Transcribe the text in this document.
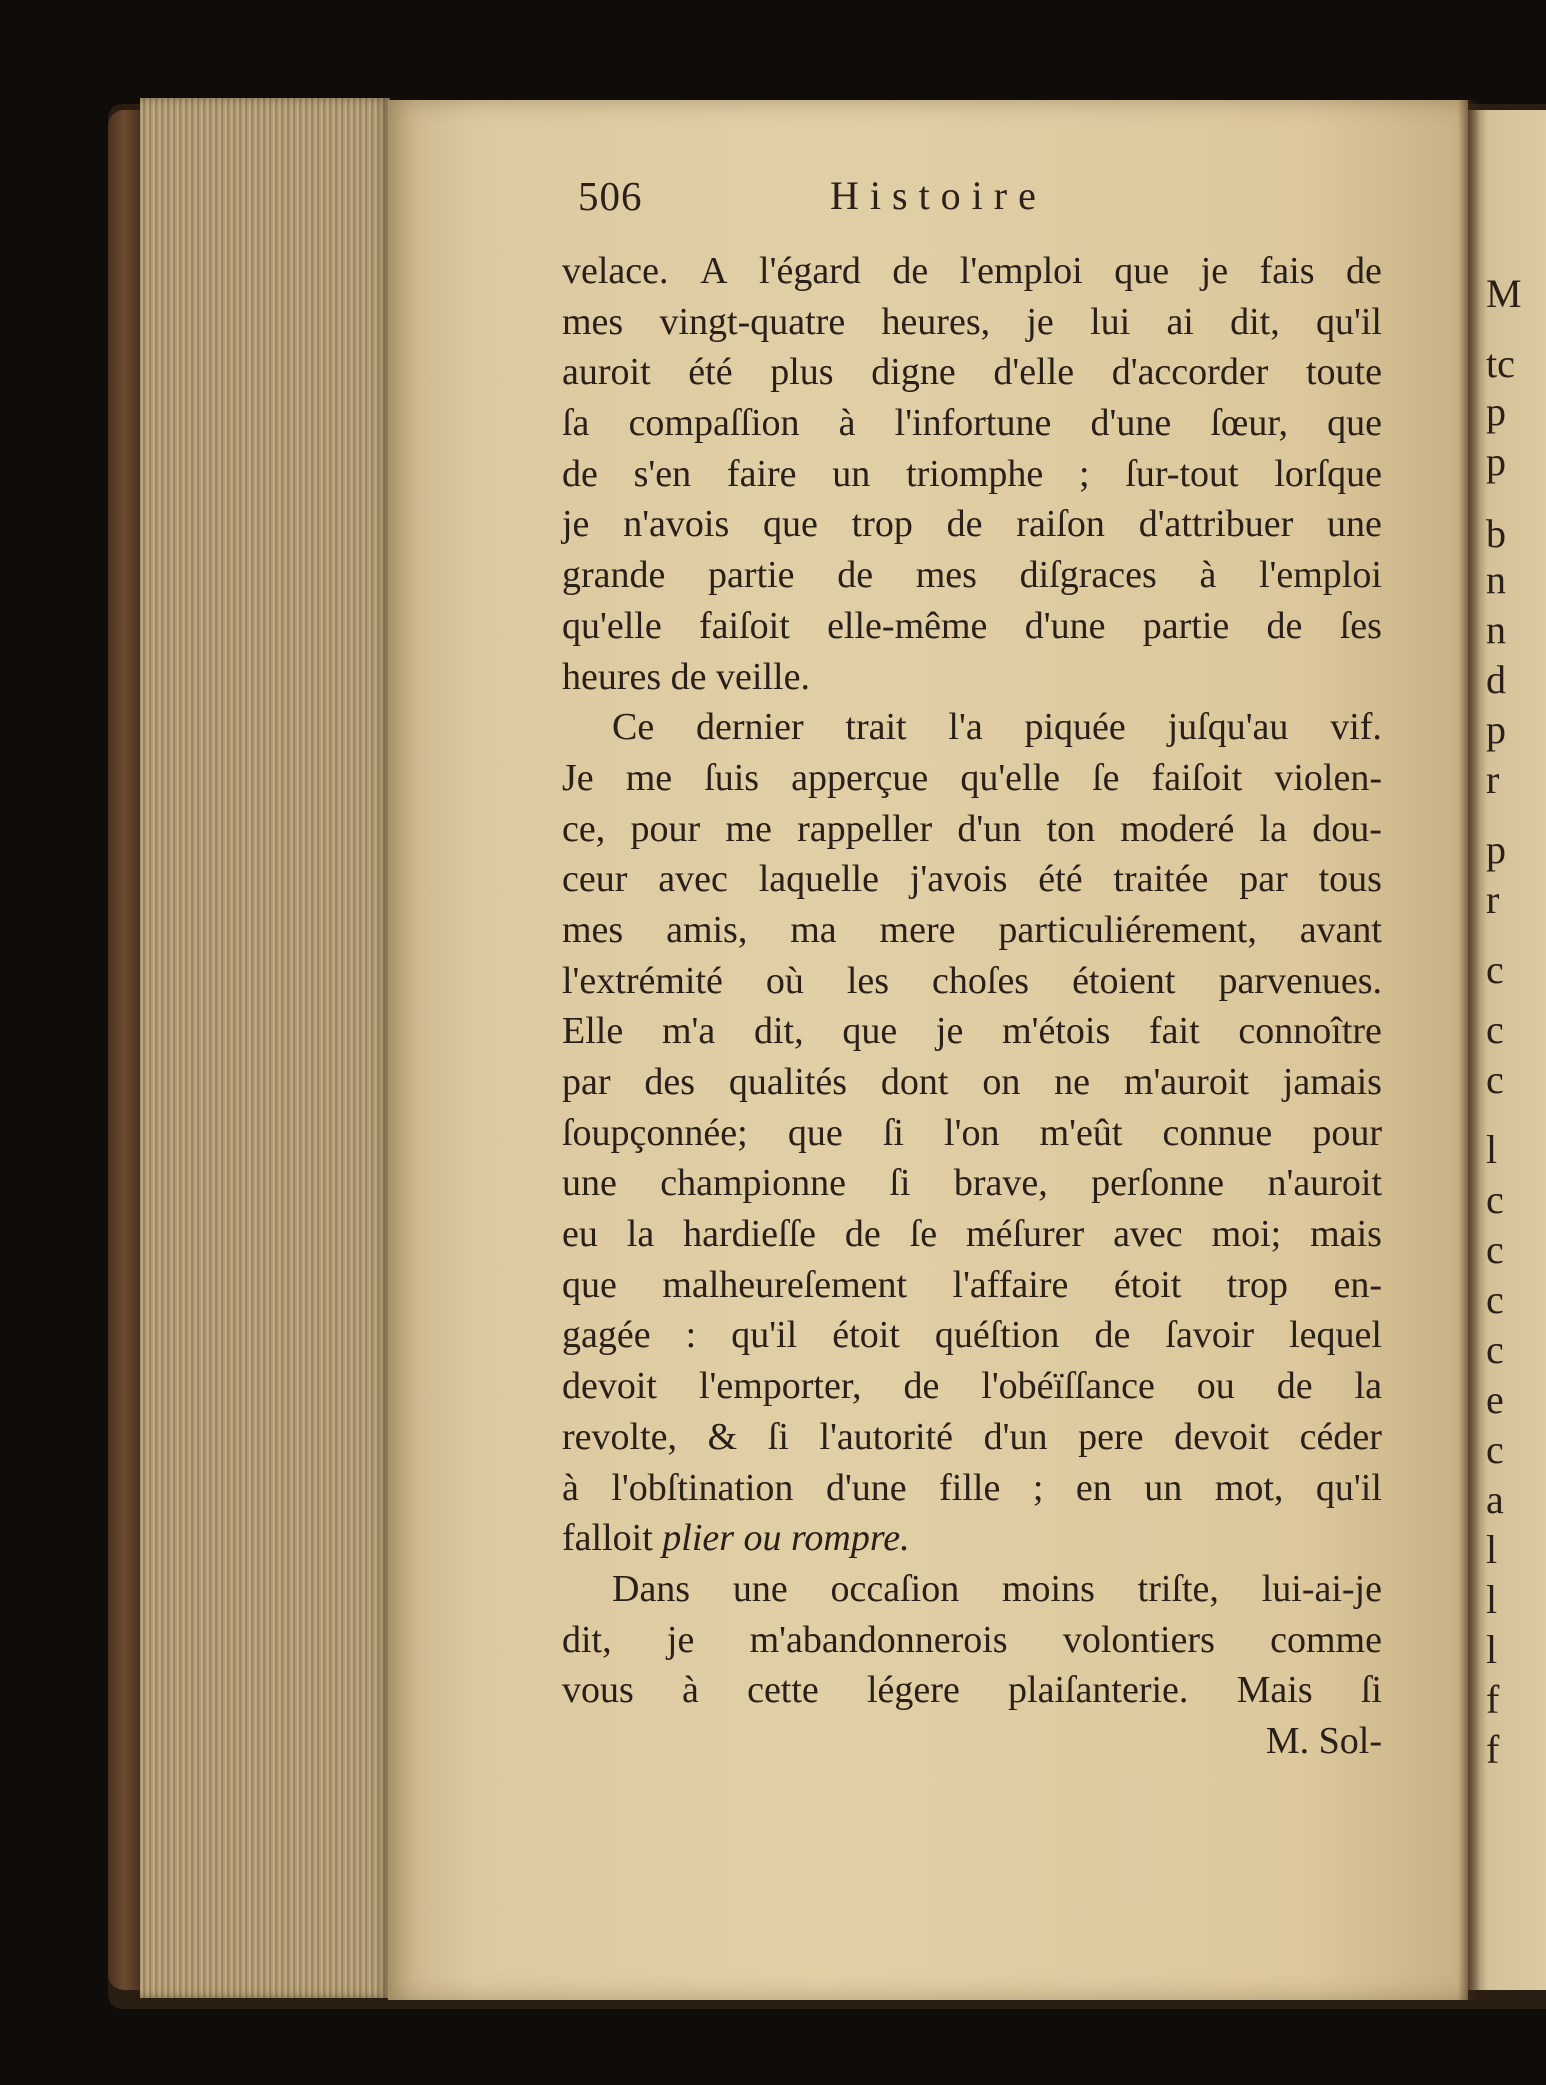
M
tc
p
p
b
n
n
d
p
r
p
r
c
c
c
l
c
c
c
c
e
c
a
l
l
l
f
f
506	Histoire
velace. A l'égard de l'emploi que je fais de
mes vingt-quatre heures, je lui ai dit, qu'il
auroit été plus digne d'elle d'accorder toute
ſa compaſſion à l'infortune d'une ſœur, que
de s'en faire un triomphe ; ſur-tout lorſque
je n'avois que trop de raiſon d'attribuer une
grande partie de mes diſgraces à l'emploi
qu'elle faiſoit elle-même d'une partie de ſes
heures de veille.
Ce dernier trait l'a piquée juſqu'au vif.
Je me ſuis apperçue qu'elle ſe faiſoit violen-
ce, pour me rappeller d'un ton moderé la dou-
ceur avec laquelle j'avois été traitée par tous
mes amis, ma mere particuliérement, avant
l'extrémité où les choſes étoient parvenues.
Elle m'a dit, que je m'étois fait connoître
par des qualités dont on ne m'auroit jamais
ſoupçonnée; que ſi l'on m'eût connue pour
une championne ſi brave, perſonne n'auroit
eu la hardieſſe de ſe méſurer avec moi; mais
que malheureſement l'affaire étoit trop en-
gagée : qu'il étoit quéſtion de ſavoir lequel
devoit l'emporter, de l'obéïſſance ou de la
revolte, & ſi l'autorité d'un pere devoit céder
à l'obſtination d'une fille ; en un mot, qu'il
falloit plier ou rompre.
Dans une occaſion moins triſte, lui-ai-je
dit, je m'abandonnerois volontiers comme
vous à cette légere plaiſanterie. Mais ſi
M. Sol-
